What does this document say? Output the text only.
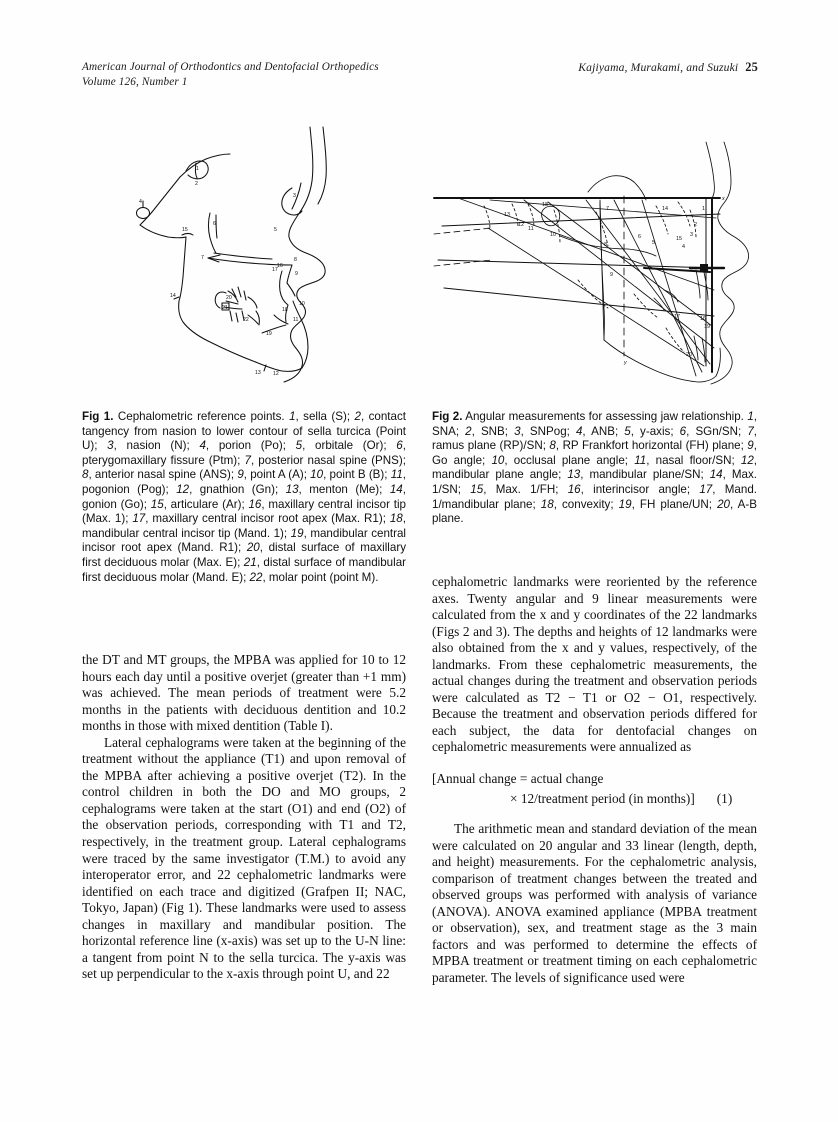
American Journal of Orthodontics and Dentofacial Orthopedics
Volume 126, Number 1
Kajiyama, Murakami, and Suzuki 25
1
2
3
4
5
6
7	8
9
10
11
12
13
14
15
16
17
18
19
20
21
22
1
2
3
4
5
6
7
8
9
10
11
12
13
14
15
16
17
18
19
20
x
y
Fig 1. Cephalometric reference points. 1, sella (S); 2, contact tangency from nasion to lower contour of sella turcica (Point U); 3, nasion (N); 4, porion (Po); 5, orbitale (Or); 6, pterygomaxillary fissure (Ptm); 7, posterior nasal spine (PNS); 8, anterior nasal spine (ANS); 9, point A (A); 10, point B (B); 11, pogonion (Pog); 12, gnathion (Gn); 13, menton (Me); 14, gonion (Go); 15, articulare (Ar); 16, maxillary central incisor tip (Max. 1); 17, maxillary central incisor root apex (Max. R1); 18, mandibular central incisor tip (Mand. 1); 19, mandibular central incisor root apex (Mand. R1); 20, distal surface of maxillary first deciduous molar (Max. E); 21, distal surface of mandibular first deciduous molar (Mand. E); 22, molar point (point M).
Fig 2. Angular measurements for assessing jaw relationship. 1, SNA; 2, SNB; 3, SNPog; 4, ANB; 5, y-axis; 6, SGn/SN; 7, ramus plane (RP)/SN; 8, RP Frankfort horizontal (FH) plane; 9, Go angle; 10, occlusal plane angle; 11, nasal floor/SN; 12, mandibular plane angle; 13, mandibular plane/SN; 14, Max. 1/SN; 15, Max. 1/FH; 16, interincisor angle; 17, Mand. 1/mandibular plane; 18, convexity; 19, FH plane/UN; 20, A-B plane.

the DT and MT groups, the MPBA was applied for 10 to 12 hours each day until a positive overjet (greater than +1 mm) was achieved. The mean periods of treatment were 5.2 months in the patients with deciduous dentition and 10.2 months in those with mixed dentition (Table I).

Lateral cephalograms were taken at the beginning of the treatment without the appliance (T1) and upon removal of the MPBA after achieving a positive overjet (T2). In the control children in both the DO and MO groups, 2 cephalograms were taken at the start (O1) and end (O2) of the observation periods, corresponding with T1 and T2, respectively, in the treatment group. Lateral cephalograms were traced by the same investigator (T.M.) to avoid any interoperator error, and 22 cephalometric landmarks were identified on each trace and digitized (Grafpen II; NAC, Tokyo, Japan) (Fig 1). These landmarks were used to assess changes in maxillary and mandibular position. The horizontal reference line (x-axis) was set up to the U-N line: a tangent from point N to the sella turcica. The y-axis was set up perpendicular to the x-axis through point U, and 22

cephalometric landmarks were reoriented by the reference axes. Twenty angular and 9 linear measurements were calculated from the x and y coordinates of the 22 landmarks (Figs 2 and 3). The depths and heights of 12 landmarks were also obtained from the x and y values, respectively, of the landmarks. From these cephalometric measurements, the actual changes during the treatment and observation periods were calculated as T2 − T1 or O2 − O1, respectively. Because the treatment and observation periods differed for each subject, the data for dentofacial changes on cephalometric measurements were annualized as

[Annual change = actual change
× 12/treatment period (in months)] (1)

The arithmetic mean and standard deviation of the mean were calculated on 20 angular and 33 linear (length, depth, and height) measurements. For the cephalometric analysis, comparison of treatment changes between the treated and observed groups was performed with analysis of variance (ANOVA). ANOVA examined appliance (MPBA treatment or observation), sex, and treatment stage as the 3 main factors and was performed to determine the effects of MPBA treatment or treatment timing on each cephalometric parameter. The levels of significance used were
